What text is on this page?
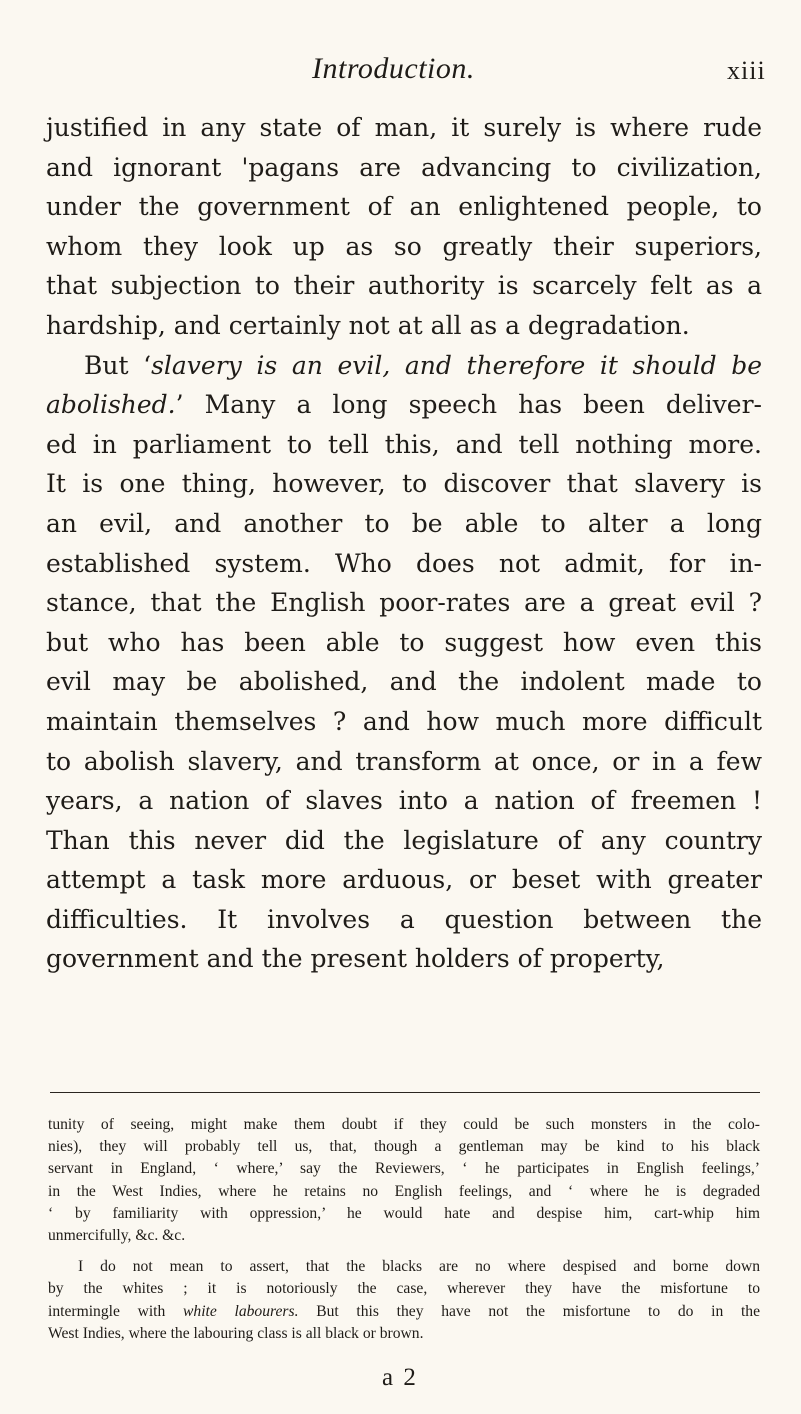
Introduction.	xiii
justified in any state of man, it surely is where rude
and ignorant 'pagans are advancing to civilization,
under the government of an enlightened people, to
whom they look up as so greatly their superiors,
that subjection to their authority is scarcely felt as a
hardship, and certainly not at all as a degradation.
But ‘slavery is an evil, and therefore it should be
abolished.’ Many a long speech has been deliver-
ed in parliament to tell this, and tell nothing more.
It is one thing, however, to discover that slavery is
an evil, and another to be able to alter a long
established system. Who does not admit, for in-
stance, that the English poor-rates are a great evil ?
but who has been able to suggest how even this
evil may be abolished, and the indolent made to
maintain themselves ? and how much more difficult
to abolish slavery, and transform at once, or in a few
years, a nation of slaves into a nation of freemen !
Than this never did the legislature of any country
attempt a task more arduous, or beset with greater
difficulties. It involves a question between the
government and the present holders of property,
tunity of seeing, might make them doubt if they could be such monsters in the colo-
nies), they will probably tell us, that, though a gentleman may be kind to his black
servant in England, ‘ where,’ say the Reviewers, ‘ he participates in English feelings,’
in the West Indies, where he retains no English feelings, and ‘ where he is degraded
‘ by familiarity with oppression,’ he would hate and despise him, cart-whip him
unmercifully, &c. &c.
I do not mean to assert, that the blacks are no where despised and borne down
by the whites ; it is notoriously the case, wherever they have the misfortune to
intermingle with white labourers. But this they have not the misfortune to do in the
West Indies, where the labouring class is all black or brown.
a 2
